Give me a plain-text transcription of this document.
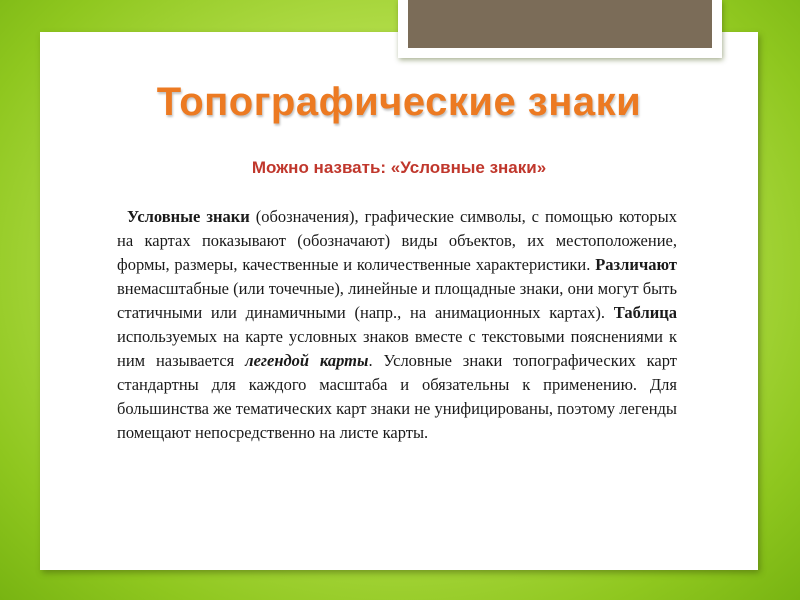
Топографические знаки

Можно назвать: «Условные знаки»

Условные знаки (обозначения), графические символы, с помощью которых на картах показывают (обозначают) виды объектов, их местоположение, формы, размеры, качественные и количественные характеристики. Различают внемасштабные (или точечные), линейные и площадные знаки, они могут быть статичными или динамичными (напр., на анимационных картах). Таблица используемых на карте условных знаков вместе с текстовыми пояснениями к ним называется легендой карты. Условные знаки топографических карт стандартны для каждого масштаба и обязательны к применению. Для большинства же тематических карт знаки не унифицированы, поэтому легенды помещают непосредственно на листе карты.
